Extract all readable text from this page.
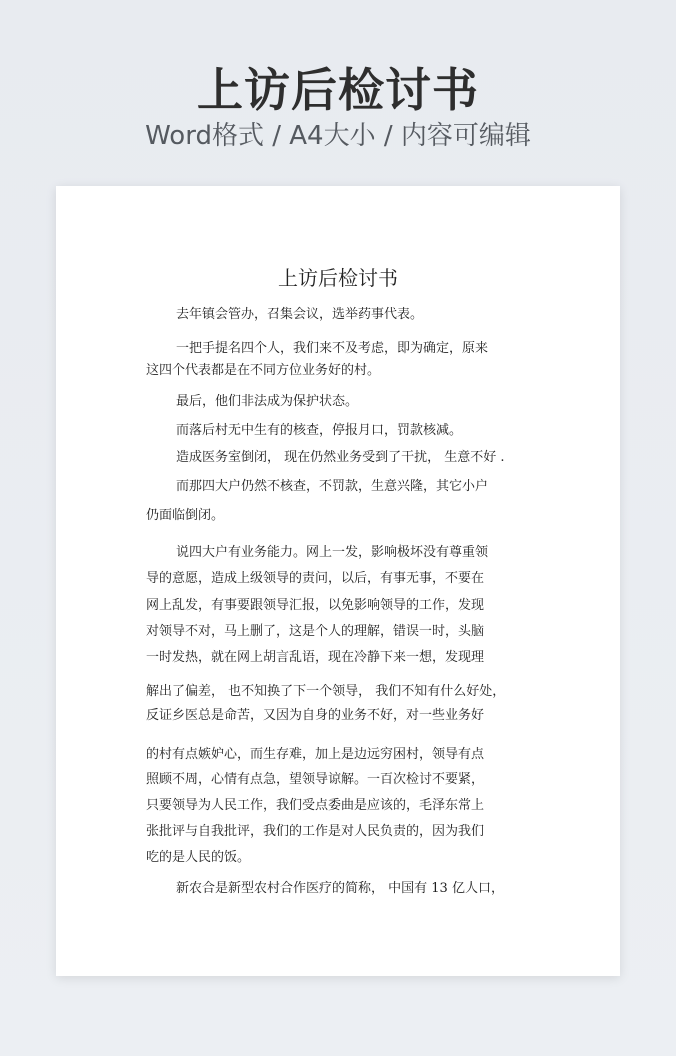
上访后检讨书
Word格式 / A4大小 / 内容可编辑
上访后检讨书
去年镇会管办，召集会议，选举药事代表。
一把手提名四个人，我们来不及考虑，即为确定，原来
这四个代表都是在不同方位业务好的村。
最后，他们非法成为保护状态。
而落后村无中生有的核查，停报月口，罚款核减。
造成医务室倒闭， 现在仍然业务受到了干扰， 生意不好 .
而那四大户仍然不核查，不罚款，生意兴隆，其它小户
仍面临倒闭。
说四大户有业务能力。网上一发，影响极坏没有尊重领
导的意愿，造成上级领导的责问，以后，有事无事，不要在
网上乱发，有事要跟领导汇报，以免影响领导的工作，发现
对领导不对，马上删了，这是个人的理解，错误一时，头脑
一时发热，就在网上胡言乱语，现在冷静下来一想，发现理
解出了偏差， 也不知换了下一个领导， 我们不知有什么好处，
反证乡医总是命苦，又因为自身的业务不好，对一些业务好
的村有点嫉妒心，而生存难，加上是边远穷困村，领导有点
照顾不周，心情有点急，望领导谅解。一百次检讨不要紧，
只要领导为人民工作，我们受点委曲是应该的，毛泽东常上
张批评与自我批评，我们的工作是对人民负责的，因为我们
吃的是人民的饭。
新农合是新型农村合作医疗的简称， 中国有 13 亿人口，
